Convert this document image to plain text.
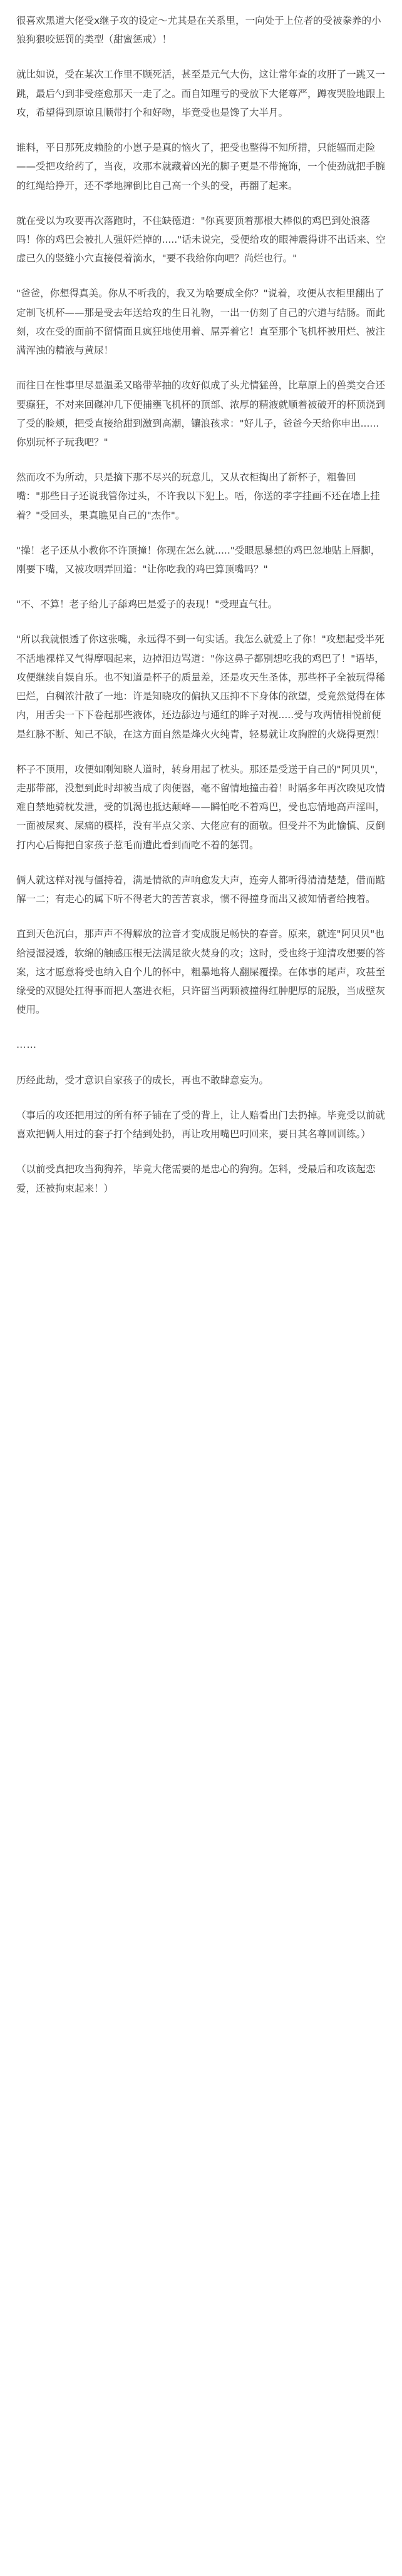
很喜欢黑道大佬受x继子攻的设定～尤其是在关系里，一向处于上位者的受被豢养的小狼狗狠咬惩罚的类型（甜蜜惩戒）！

就比如说，受在某次工作里不顾死活，甚至是元气大伤，这让常年查的攻肝了一跳又一跳，最后勺到非受痊愈那天一走了之。而自知理亏的受放下大佬尊严，蹲夜哭脸地跟上攻，希望得到原谅且顺带打个和好吻，毕竟受也是馋了大半月。

谁料，平日那死皮赖脸的小崽子是真的恼火了，把受也整得不知所措，只能辐而走险——受把攻给药了，当夜，攻那本就藏着凶光的脚子更是不带掩饰，一个使劲就把手腕的红绳给挣开，还不孝地撺倒比自己高一个头的受，再翻了起来。

就在受以为攻要再次落跑时，不住缺德道："你真要顶着那根大棒似的鸡巴到处浪落吗！你的鸡巴会被扎人强奸烂掉的....."话未说完，受便给攻的眼神震得讲不出话来、空虚已久的竖缝小穴直接侵着滴水，"要不我给你向吧？尚烂也行。"

"爸爸，你想得真美。你从不听我的，我又为啥要成全你？"说着，攻便从衣柜里翻出了定制飞机杯——那是受去年送给攻的生日礼物，一出一仿刻了自己的穴道与结肠。而此刻，攻在受的面前不留情面且疯狂地使用着、屌弄着它！直至那个飞机杯被用烂、被注满浑浊的精液与黄尿！

而往日在性事里尽显温柔又略带苹抽的攻好似成了头尤情猛兽，比草原上的兽类交合还要癫狂，不对来回磔冲几下便捕壅飞机杯的顶部、浓厚的精液就顺着被破开的杯顶浇到了受的脸颊，把受直接给甜到激到高潮，镶浪孩求："好儿子，爸爸今天给你申出......你别玩杯子玩我吧？"

然而攻不为所动，只是摘下那不尽兴的玩意儿，又从衣柜掏出了新杯子，粗鲁回嘴："那些日子还说我管你过头，不许我以下犯上。唔，你送的孝字挂画不还在墙上挂着？"受回头，果真瞧见自己的"杰作"。

"操！老子还从小教你不许顶撞！你现在怎么就....."受眼思暴想的鸡巴忽地贴上唇脚，刚要下嘴，又被攻咽弄回道："让你吃我的鸡巴算顶嘴吗？"

"不、不算！老子给儿子舔鸡巴是爱子的表现！"受理直气壮。

"所以我就恨透了你这张嘴，永远得不到一句实话。我怎么就爱上了你！"攻想起受半死不活地裸样又气得摩咽起来，边掉泪边骂道："你这鼻子都别想吃我的鸡巴了！"语毕，攻便继续自娱自乐。也不知道是杯子的质量差，还是攻天生圣体，那些杯子全被玩得稀巴烂，白稠浓汁散了一地：许是知晓攻的偏执又压抑不下身体的欲望，受竟然觉得在体内，用舌尖一下下卷起那些液体，还边舔边与通红的眸子对视.....受与攻两情相悦前便是红脉不断、知己不缺，在这方面自然是烽火火纯青，轻易就让攻胸膛的火烧得更烈！

杯子不顶用，攻便如刚知晓人道时，转身用起了枕头。那还是受送于自己的"阿贝贝"，走那带部，没想到此时却被当成了肉便器，毫不留情地撞击着！时隔多年再次睽见攻情难自禁地骑枕发泄，受的饥渴也抵达颠峰——瞬怕吃不着鸡巴，受也忘情地高声淫叫，一面被屎爽、屎痛的模样，没有半点父亲、大佬应有的面敬。但受并不为此愉慎、反倒打内心后悔把自家孩子惹毛而遭此看到而吃不着的惩罚。

俩人就这样对视与僵持着，满是情欲的声响愈发大声，连旁人都听得清清楚楚，借而踮解一二；有走心的属下听不得老大的苦苦哀求，惯不得撞身而出又被知情者给拽着。

直到天色沉白，那声声不得解放的泣音才变成腹足畅快的春音。原来，就连"阿贝贝"也给浸湿浸透，软绵的触感压根无法满足欲火焚身的攻；这时，受也终于迎清攻想要的答案，这才愿意将受也纳入自个儿的怀中，粗暴地将人翻屎覆操。在体事的尾声，攻甚至缘受的双腿处扛得事而把人塞进衣柜，只许留当两颗被撞得红肿肥厚的屁股，当成壁灰使用。

……

历经此劫，受才意识自家孩子的成长，再也不敢肆意妄为。

（事后的攻还把用过的所有杯子铺在了受的背上，让人赔看出门去扔掉。毕竟受以前就喜欢把俩人用过的套子打个结到处扔，再让攻用嘴巴叼回来，要日其名尊回训练。）

（以前受真把攻当狗狗养，毕竟大佬需要的是忠心的狗狗。怎料，受最后和攻该起恋爱，还被拘束起来！）
